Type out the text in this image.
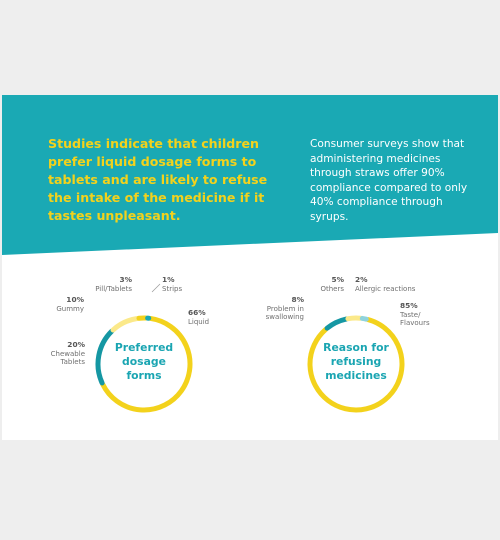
Studies indicate that children prefer liquid dosage forms to tablets and are likely to refuse the intake of the medicine if it tastes unpleasant.
Consumer surveys show that administering medicines through straws offer 90% compliance compared to only 40% compliance through syrups.
66%
Liquid
20%
Chewable
Tablets
10%
Gummy
3%
Pill/Tablets
1%
Strips
Preferred
dosage
forms
85%
Taste/
Flavours
8%
Problem in
swallowing
5%
Others
2%
Allergic reactions
Reason for
refusing
medicines
